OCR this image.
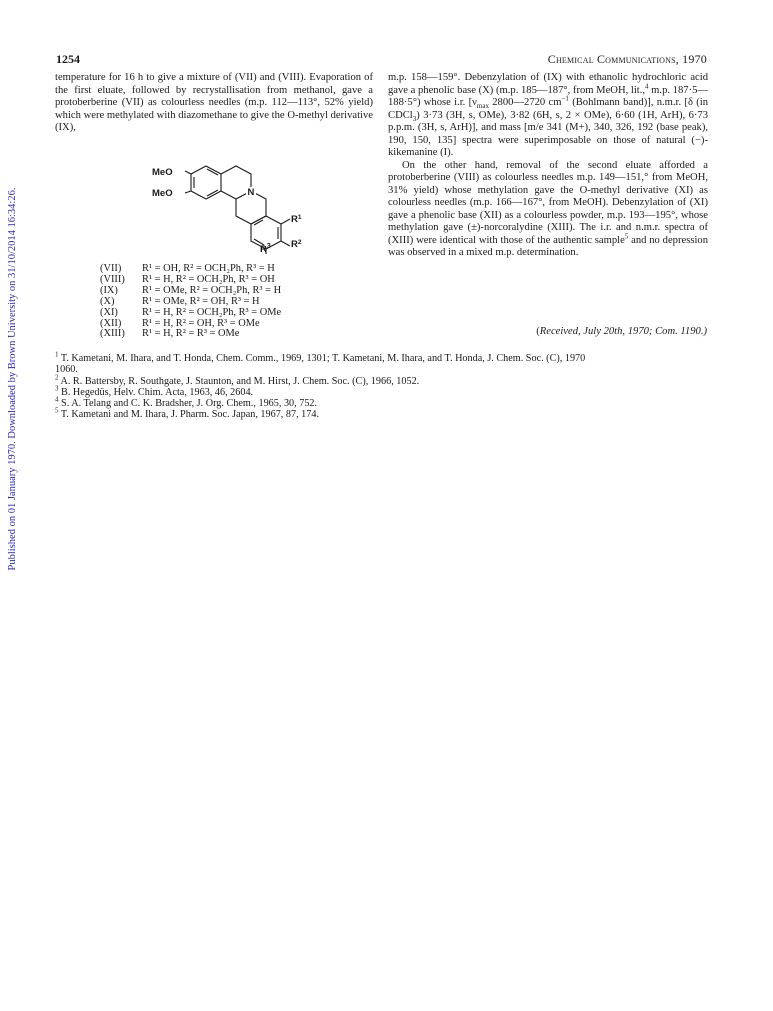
Published on 01 January 1970. Downloaded by Brown University on 31/10/2014 16:34:26.
1254	Chemical Communications, 1970

temperature for 16 h to give a mixture of (VII) and (VIII). Evaporation of the first eluate, followed by recrystallisation from methanol, gave a protoberberine (VII) as colourless needles (m.p. 112—113°, 52% yield) which were methylated with diazomethane to give the O-methyl derivative (IX),

MeO
MeO	N
$R^1$
$R^2$
$R^3$
(VII)	R¹ = OH, R² = OCH₂Ph, R³ = H
(VIII)	R¹ = H, R² = OCH₂Ph, R³ = OH
(IX)	R¹ = OMe, R² = OCH₂Ph, R³ = H
(X)	R¹ = OMe, R² = OH, R³ = H
(XI)	R¹ = H, R² = OCH₂Ph, R³ = OMe
(XII)	R¹ = H, R² = OH, R³ = OMe
(XIII)	R¹ = H, R² = R³ = OMe

m.p. 158—159°. Debenzylation of (IX) with ethanolic hydrochloric acid gave a phenolic base (X) (m.p. 185—187°, from MeOH, lit.,$^4$ m.p. 187·5—188·5°) whose i.r. [$\nu_{max}$ 2800—2720 $cm^{-1}$ (Bohlmann band)], n.m.r. [δ (in CDCl$_3$) 3·73 (3H, s, OMe), 3·82 (6H, s, 2 × OMe), 6·60 (1H, ArH), 6·73 p.p.m. (3H, s, ArH)], and mass [m/e 341 (M+), 340, 326, 192 (base peak), 190, 150, 135] spectra were superimposable on those of natural (−)-kikemanine (I).

On the other hand, removal of the second eluate afforded a protoberberine (VIII) as colourless needles m.p. 149—151,° from MeOH, 31% yield) whose methylation gave the O-methyl derivative (XI) as colourless needles (m.p. 166—167°, from MeOH). Debenzylation of (XI) gave a phenolic base (XII) as a colourless powder, m.p. 193—195°, whose methylation gave (±)-norcoralydine (XIII). The i.r. and n.m.r. spectra of (XIII) were identical with those of the authentic sample$^5$ and no depression was observed in a mixed m.p. determination.

(Received, July 20th, 1970; Com. 1190.)
$^1$ T. Kametani, M. Ihara, and T. Honda, Chem. Comm., 1969, 1301; T. Kametani, M. Ihara, and T. Honda, J. Chem. Soc. (C), 1970
1060.
$^2$ A. R. Battersby, R. Southgate, J. Staunton, and M. Hirst, J. Chem. Soc. (C), 1966, 1052.
$^3$ B. Hegedüs, Helv. Chim. Acta, 1963, 46, 2604.
$^4$ S. A. Telang and C. K. Bradsher, J. Org. Chem., 1965, 30, 752.
$^5$ T. Kametani and M. Ihara, J. Pharm. Soc. Japan, 1967, 87, 174.
